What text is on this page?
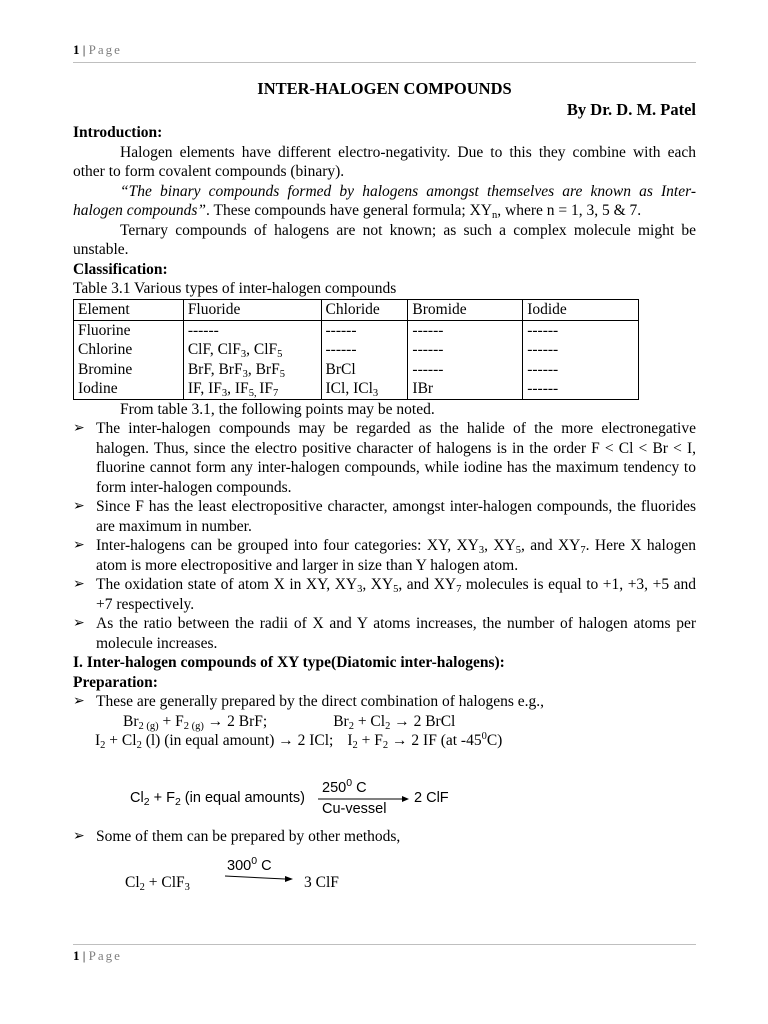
1 | Page
INTER-HALOGEN COMPOUNDS
By Dr. D. M. Patel
Introduction:

Halogen elements have different electro-negativity. Due to this they combine with each other to form covalent compounds (binary).

“The binary compounds formed by halogens amongst themselves are known as Inter-halogen compounds”. These compounds have general formula; $XY_n$, where n = 1, 3, 5 & 7.

Ternary compounds of halogens are not known; as such a complex molecule might be unstable.

Classification:
Table 3.1 Various types of inter-halogen compounds
Element	Fluoride	Chloride	Bromide	Iodide
Fluorine	------	------	------	------
Chlorine	ClF, ClF$_3$, ClF$_5$	------	------	------
Bromine	BrF, BrF$_3$, BrF$_5$	BrCl	------	------
Iodine	IF, $IF_3$, $IF_{5,}$ $IF_7$	ICl, ICl$_3$	IBr	------

From table 3.1, the following points may be noted.

➢ The inter-halogen compounds may be regarded as the halide of the more electronegative halogen. Thus, since the electro positive character of halogens is in the order F < Cl < Br < I, fluorine cannot form any inter-halogen compounds, while iodine has the maximum tendency to form inter-halogen compounds.
➢ Since F has the least electropositive character, amongst inter-halogen compounds, the fluorides are maximum in number.
➢ Inter-halogens can be grouped into four categories: XY, $XY_3$, $XY_5$, and $XY_7$. Here X halogen atom is more electropositive and larger in size than Y halogen atom.
➢ The oxidation state of atom X in XY, $XY_3$, $XY_5$, and $XY_7$ molecules is equal to +1, +3, +5 and +7 respectively.
➢ As the ratio between the radii of X and Y atoms increases, the number of halogen atoms per molecule increases.
I. Inter-halogen compounds of XY type(Diatomic inter-halogens):
Preparation:
➢ These are generally prepared by the direct combination of halogens e.g.,
$Br_{2 (g)} + F_{2 (g)} \to 2$ BrF;	$Br_2 + Cl_2 \to 2$ BrCl
$I_2 + Cl_2$ (l) (in equal amount) → 2 ICl; $I_2 + F_2 \to 2$ IF (at $-45^0C$)
$Cl_2 + F_2$ (in equal amounts)
$250^0$ C
Cu-vessel
2 ClF
➢ Some of them can be prepared by other methods,
$Cl_2 + ClF_3$
$300^0$ C
3 ClF
1 | Page
